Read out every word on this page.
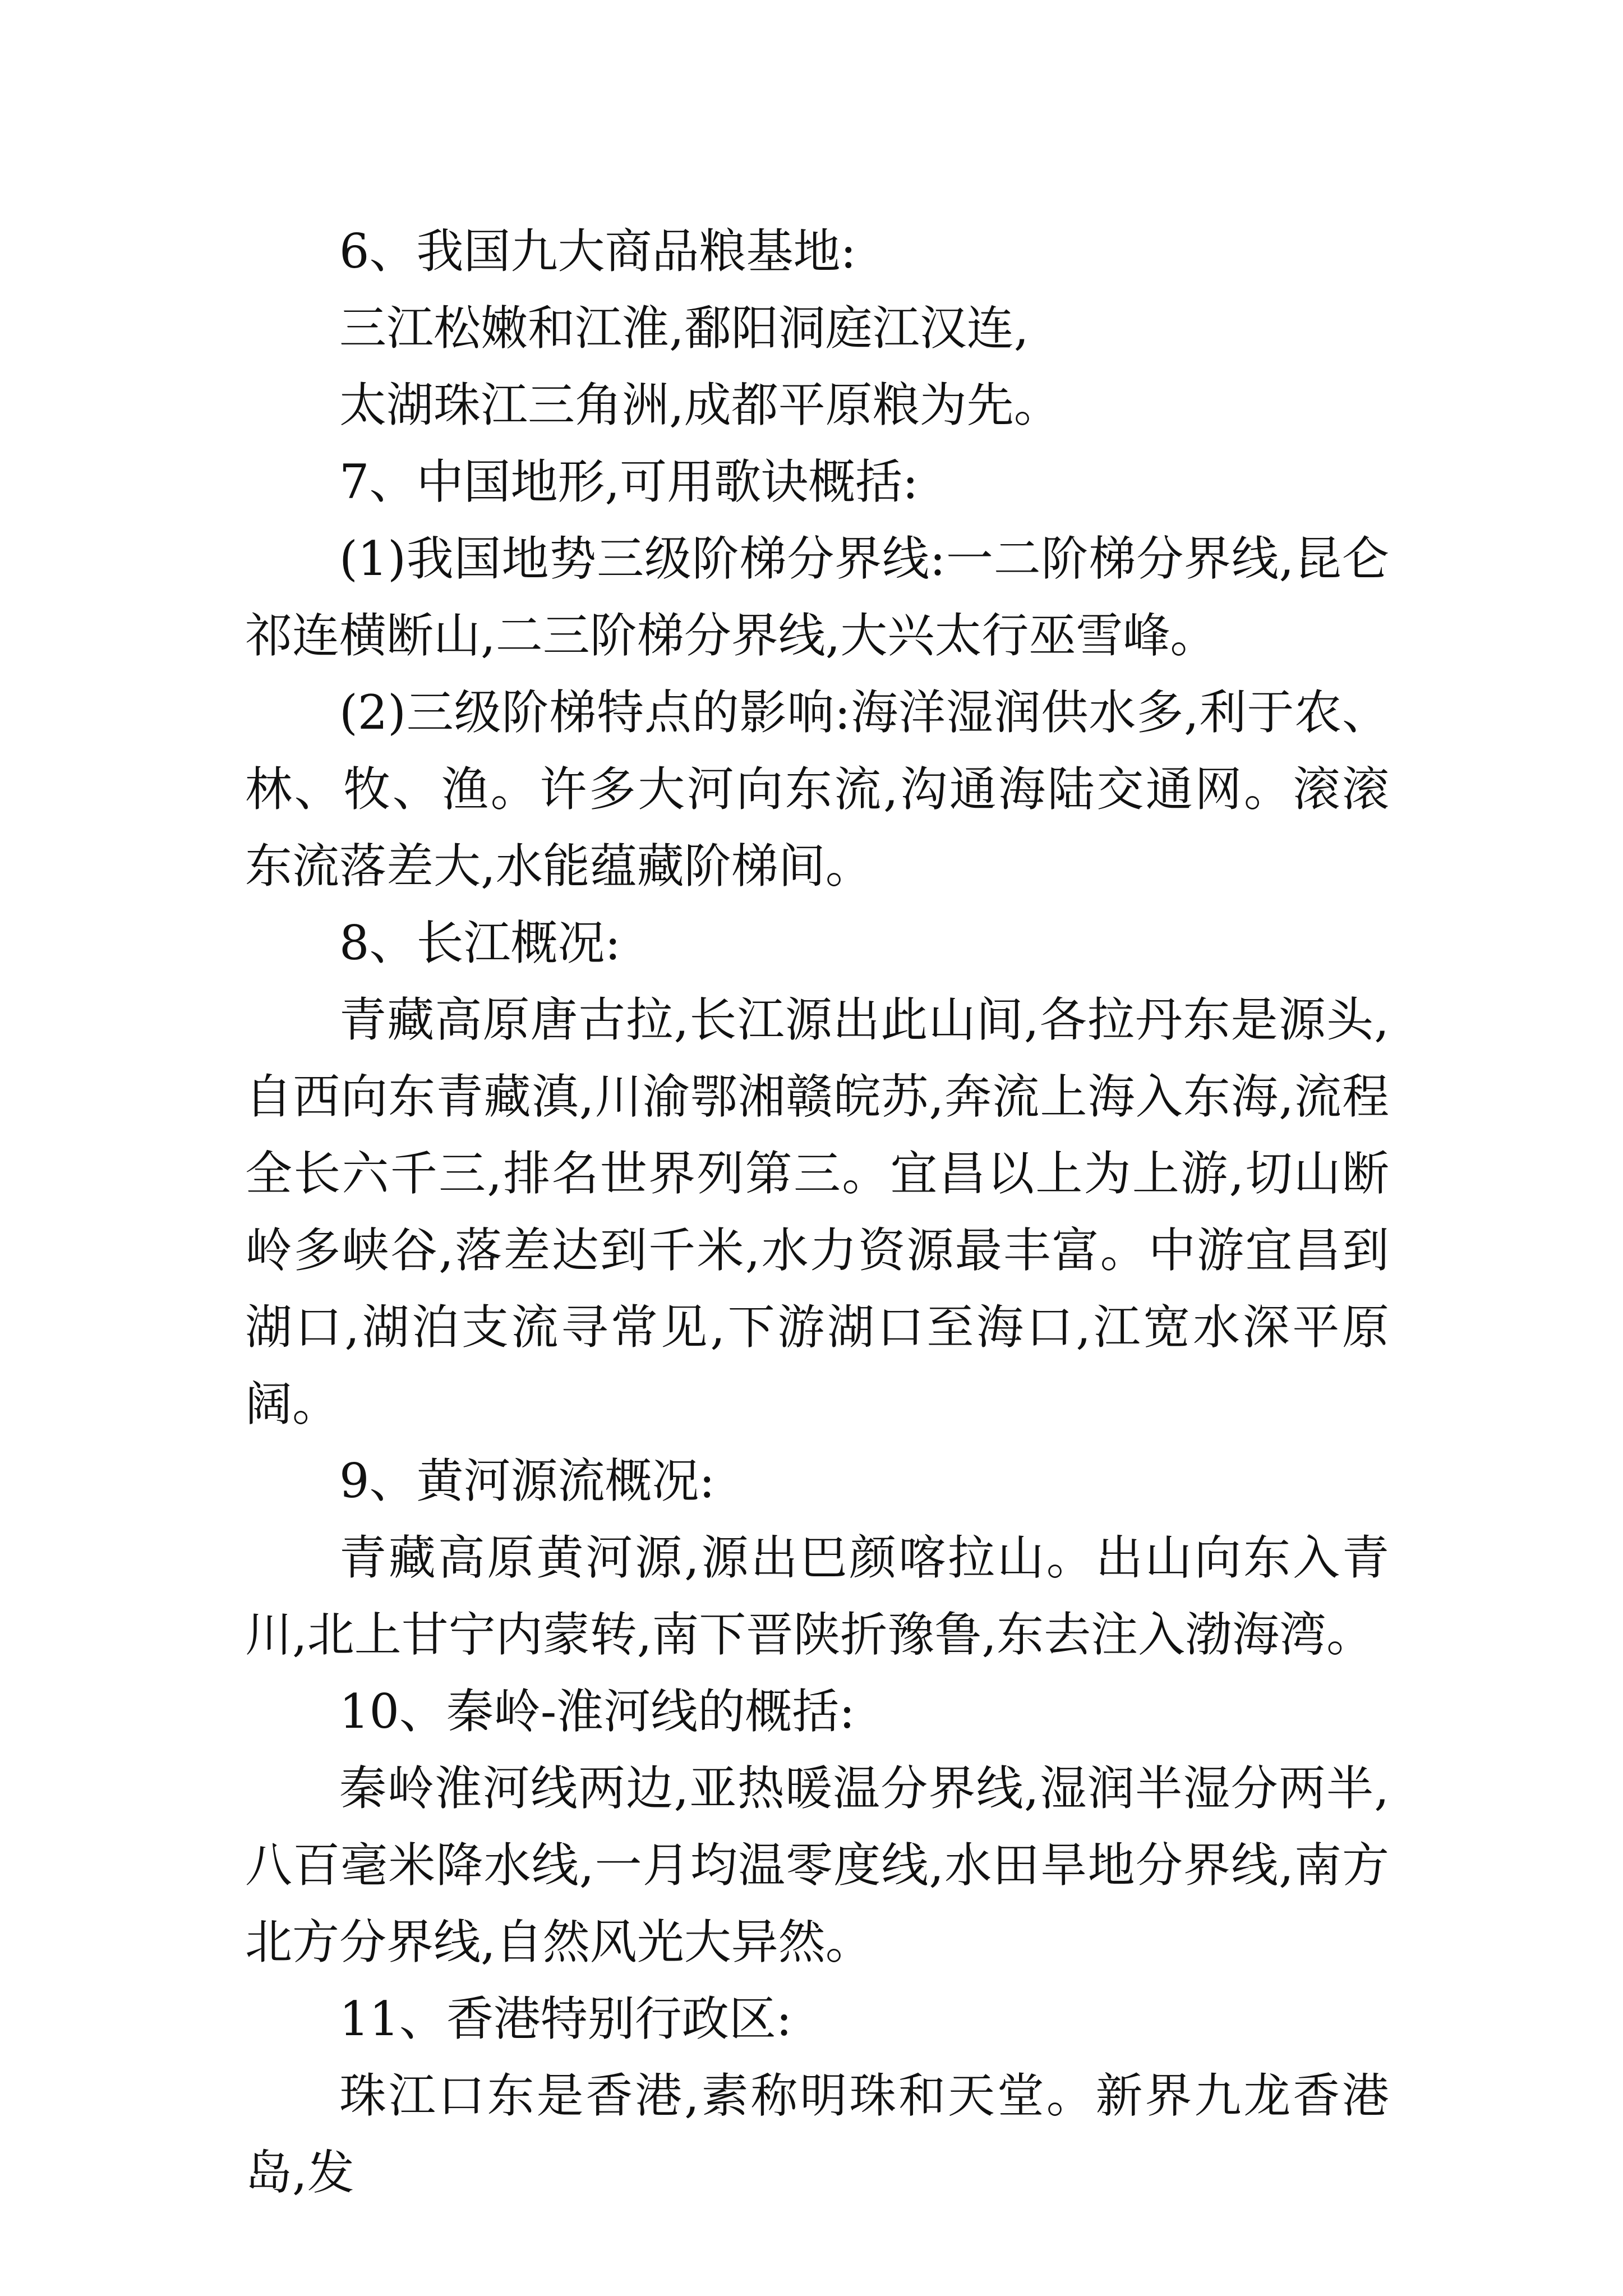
6、我国九大商品粮基地:

三江松嫩和江淮,鄱阳洞庭江汉连,

太湖珠江三角洲,成都平原粮为先。

7、中国地形,可用歌诀概括:

(1)我国地势三级阶梯分界线:一二阶梯分界线,昆仑祁连横断山,二三阶梯分界线,大兴太行巫雪峰。

(2)三级阶梯特点的影响:海洋湿润供水多,利于农、林、牧、渔。许多大河向东流,沟通海陆交通网。滚滚东流落差大,水能蕴藏阶梯间。

8、长江概况:

青藏高原唐古拉,长江源出此山间,各拉丹东是源头,自西向东青藏滇,川渝鄂湘赣皖苏,奔流上海入东海,流程全长六千三,排名世界列第三。宜昌以上为上游,切山断岭多峡谷,落差达到千米,水力资源最丰富。中游宜昌到湖口,湖泊支流寻常见,下游湖口至海口,江宽水深平原阔。

9、黄河源流概况:

青藏高原黄河源,源出巴颜喀拉山。出山向东入青川,北上甘宁内蒙转,南下晋陕折豫鲁,东去注入渤海湾。

10、秦岭-淮河线的概括:

秦岭淮河线两边,亚热暖温分界线,湿润半湿分两半,八百毫米降水线,一月均温零度线,水田旱地分界线,南方北方分界线,自然风光大异然。

11、香港特别行政区:

珠江口东是香港,素称明珠和天堂。新界九龙香港岛,发
